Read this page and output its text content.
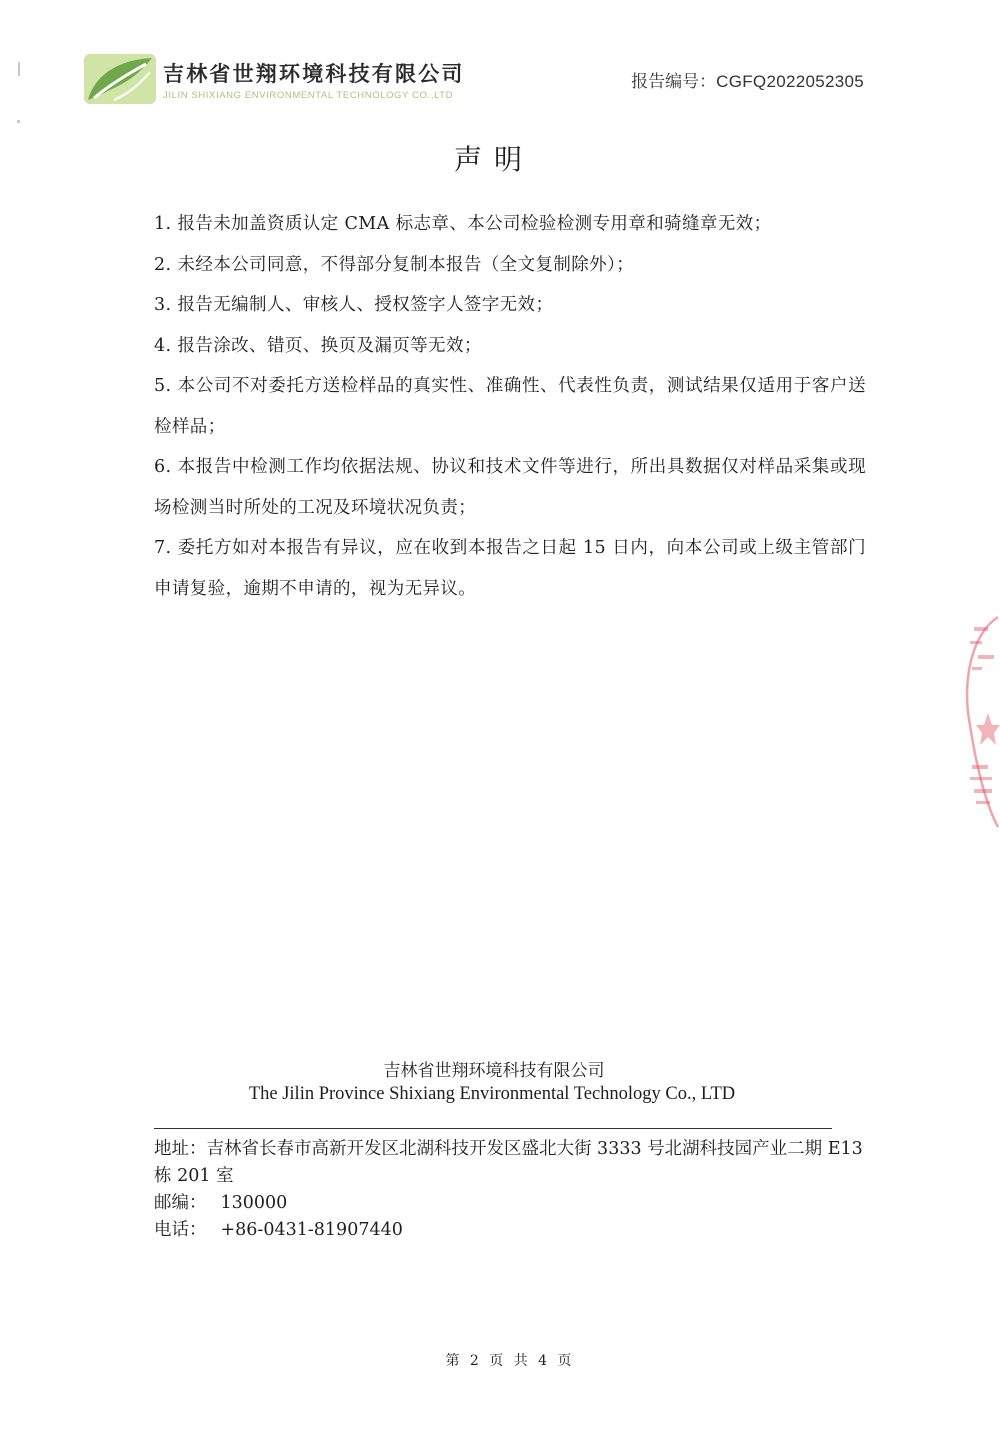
吉林省世翔环境科技有限公司
JILIN SHIXIANG ENVIRONMENTAL TECHNOLOGY CO.,LTD
报告编号：CGFQ2022052305
声明

1. 报告未加盖资质认定 CMA 标志章、本公司检验检测专用章和骑缝章无效；

2. 未经本公司同意，不得部分复制本报告（全文复制除外）；

3. 报告无编制人、审核人、授权签字人签字无效；

4. 报告涂改、错页、换页及漏页等无效；

5. 本公司不对委托方送检样品的真实性、准确性、代表性负责，测试结果仅适用于客户送检样品；

6. 本报告中检测工作均依据法规、协议和技术文件等进行，所出具数据仅对样品采集或现场检测当时所处的工况及环境状况负责；

7. 委托方如对本报告有异议，应在收到本报告之日起 15 日内，向本公司或上级主管部门申请复验，逾期不申请的，视为无异议。

吉林省世翔环境科技有限公司
The Jilin Province Shixiang Environmental Technology Co., LTD

地址：吉林省长春市高新开发区北湖科技开发区盛北大街 3333 号北湖科技园产业二期 E13 栋 201 室

邮编： 130000

电话： +86-0431-81907440

第 2 页 共 4 页
